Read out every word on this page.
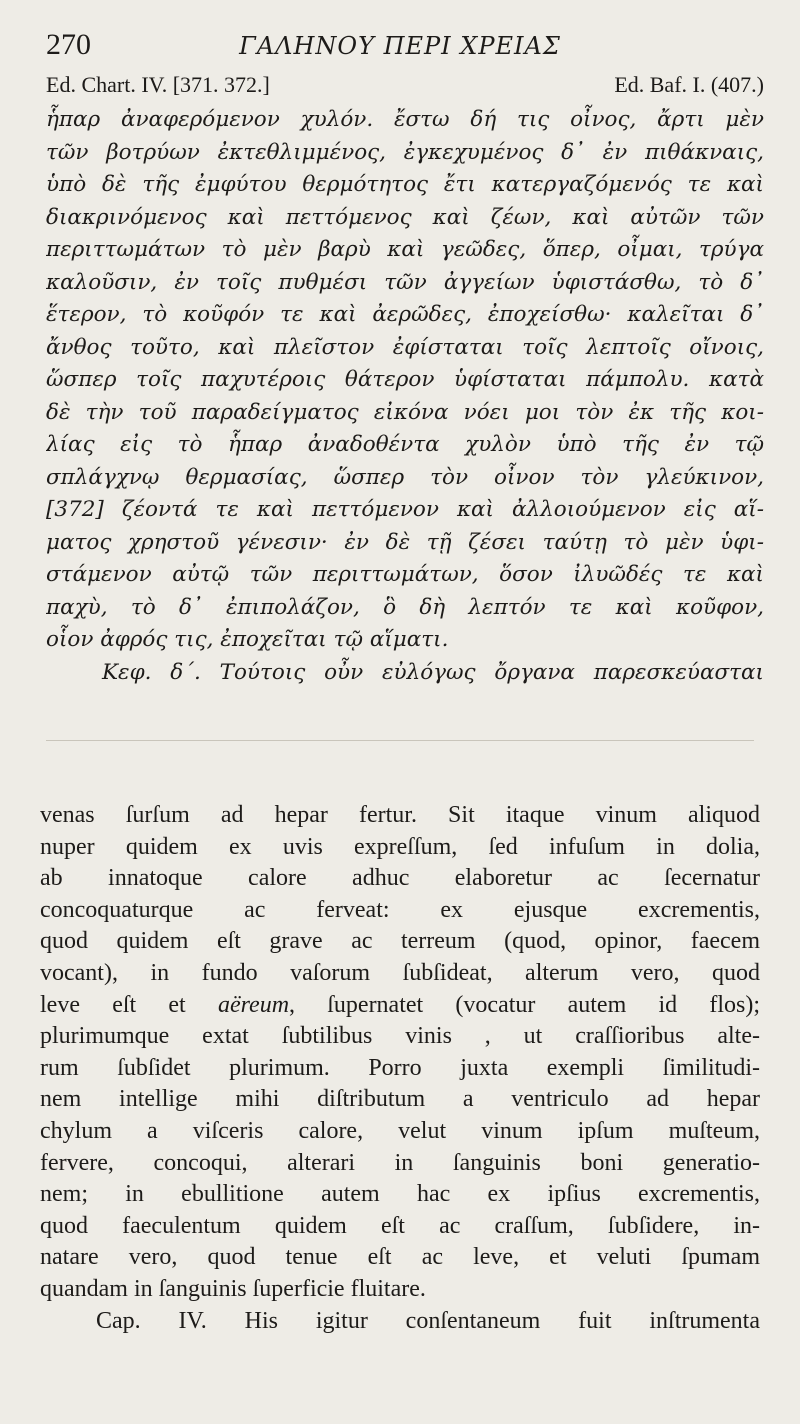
270	ΓΑΛΗΝΟΥ ΠΕΡΙ ΧΡΕΙΑΣ
Ed. Chart. IV. [371. 372.]	Ed. Baf. I. (407.)
ἧπαρ ἀναφερόμενον χυλόν. ἔστω δή τις οἶνος, ἄρτι μὲν
τῶν βοτρύων ἐκτεθλιμμένος, ἐγκεχυμένος δ᾽ ἐν πιθάκναις,
ὑπὸ δὲ τῆς ἐμφύτου θερμότητος ἔτι κατεργαζόμενός τε καὶ
διακρινόμενος καὶ πεττόμενος καὶ ζέων, καὶ αὐτῶν τῶν
περιττωμάτων τὸ μὲν βαρὺ καὶ γεῶδες, ὅπερ, οἶμαι, τρύγα
καλοῦσιν, ἐν τοῖς πυθμέσι τῶν ἀγγείων ὑφιστάσθω, τὸ δ᾽
ἕτερον, τὸ κοῦφόν τε καὶ ἀερῶδες, ἐποχείσθω· καλεῖται δ᾽
ἄνθος τοῦτο, καὶ πλεῖστον ἐφίσταται τοῖς λεπτοῖς οἴνοις,
ὥσπερ τοῖς παχυτέροις θάτερον ὑφίσταται πάμπολυ. κατὰ
δὲ τὴν τοῦ παραδείγματος εἰκόνα νόει μοι τὸν ἐκ τῆς κοι-
λίας εἰς τὸ ἧπαρ ἀναδοθέντα χυλὸν ὑπὸ τῆς ἐν τῷ
σπλάγχνῳ θερμασίας, ὥσπερ τὸν οἶνον τὸν γλεύκινον,
[372] ζέοντά τε καὶ πεττόμενον καὶ ἀλλοιούμενον εἰς αἵ-
ματος χρηστοῦ γένεσιν· ἐν δὲ τῇ ζέσει ταύτῃ τὸ μὲν ὑφι-
στάμενον αὐτῷ τῶν περιττωμάτων, ὅσον ἰλυῶδές τε καὶ
παχὺ, τὸ δ᾽ ἐπιπολάζον, ὃ δὴ λεπτόν τε καὶ κοῦφον,
οἷον ἀφρός τις, ἐποχεῖται τῷ αἵματι.
Κεφ. δ΄. Τούτοις οὖν εὐλόγως ὄργανα παρεσκεύασται
venas ſurſum ad hepar fertur. Sit itaque vinum aliquod
nuper quidem ex uvis expreſſum, ſed infuſum in dolia,
ab innatoque calore adhuc elaboretur ac ſecernatur
concoquaturque ac ferveat: ex ejusque excrementis,
quod quidem eſt grave ac terreum (quod, opinor, faecem
vocant), in fundo vaſorum ſubſideat, alterum vero, quod
leve eſt et aëreum, ſupernatet (vocatur autem id flos);
plurimumque extat ſubtilibus vinis , ut craſſioribus alte-
rum ſubſidet plurimum. Porro juxta exempli ſimilitudi-
nem intellige mihi diſtributum a ventriculo ad hepar
chylum a viſceris calore, velut vinum ipſum muſteum,
fervere, concoqui, alterari in ſanguinis boni generatio-
nem; in ebullitione autem hac ex ipſius excrementis,
quod faeculentum quidem eſt ac craſſum, ſubſidere, in-
natare vero, quod tenue eſt ac leve, et veluti ſpumam
quandam in ſanguinis ſuperficie fluitare.
Cap. IV. His igitur conſentaneum fuit inſtrumenta
